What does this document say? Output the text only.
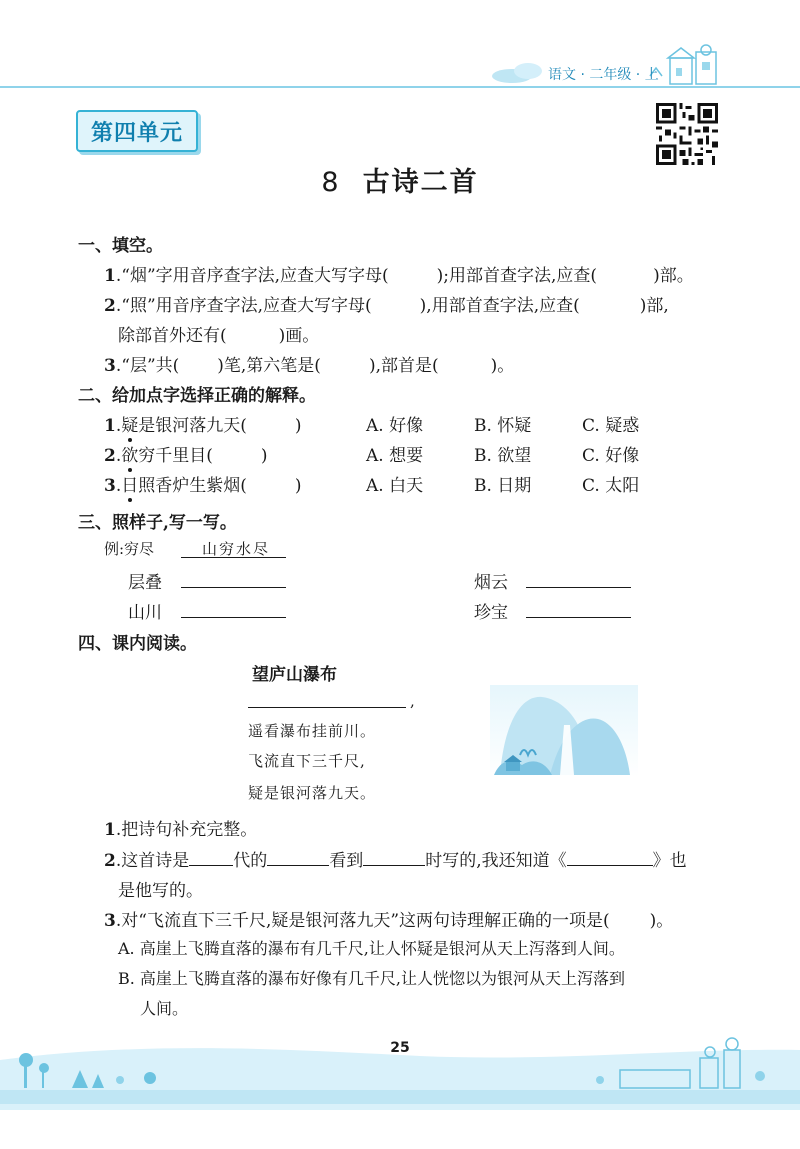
语文 · 二年级 · 上
第四单元
8 古诗二首
一、填空。
1.“烟”字用音序查字法,应查大写字母(	);用部首查字法,应查(	)部。
2.“照”用音序查字法,应查大写字母(	),用部首查字法,应查(	)部,
除部首外还有(	)画。
3.“层”共( )笔,第六笔是(	),部首是(	)。
二、给加点字选择正确的解释。
1.疑是银河落九天(	)	A. 好像	B. 怀疑	C. 疑惑
2.欲穷千里目(	)	A. 想要	B. 欲望	C. 好像
3.日照香炉生紫烟(	)	A. 白天	B. 日期	C. 太阳
三、照样子,写一写。
例:穷尽	山穷水尽
层叠	烟云
山川	珍宝
四、课内阅读。
望庐山瀑布
,
遥看瀑布挂前川。
飞流直下三千尺,
疑是银河落九天。
1.把诗句补充完整。
2.这首诗是	代的	看到	时写的,我还知道《	》也
是他写的。
3.对“飞流直下三千尺,疑是银河落九天”这两句诗理解正确的一项是( )。
A. 高崖上飞腾直落的瀑布有几千尺,让人怀疑是银河从天上泻落到人间。
B. 高崖上飞腾直落的瀑布好像有几千尺,让人恍惚以为银河从天上泻落到
人间。
25
